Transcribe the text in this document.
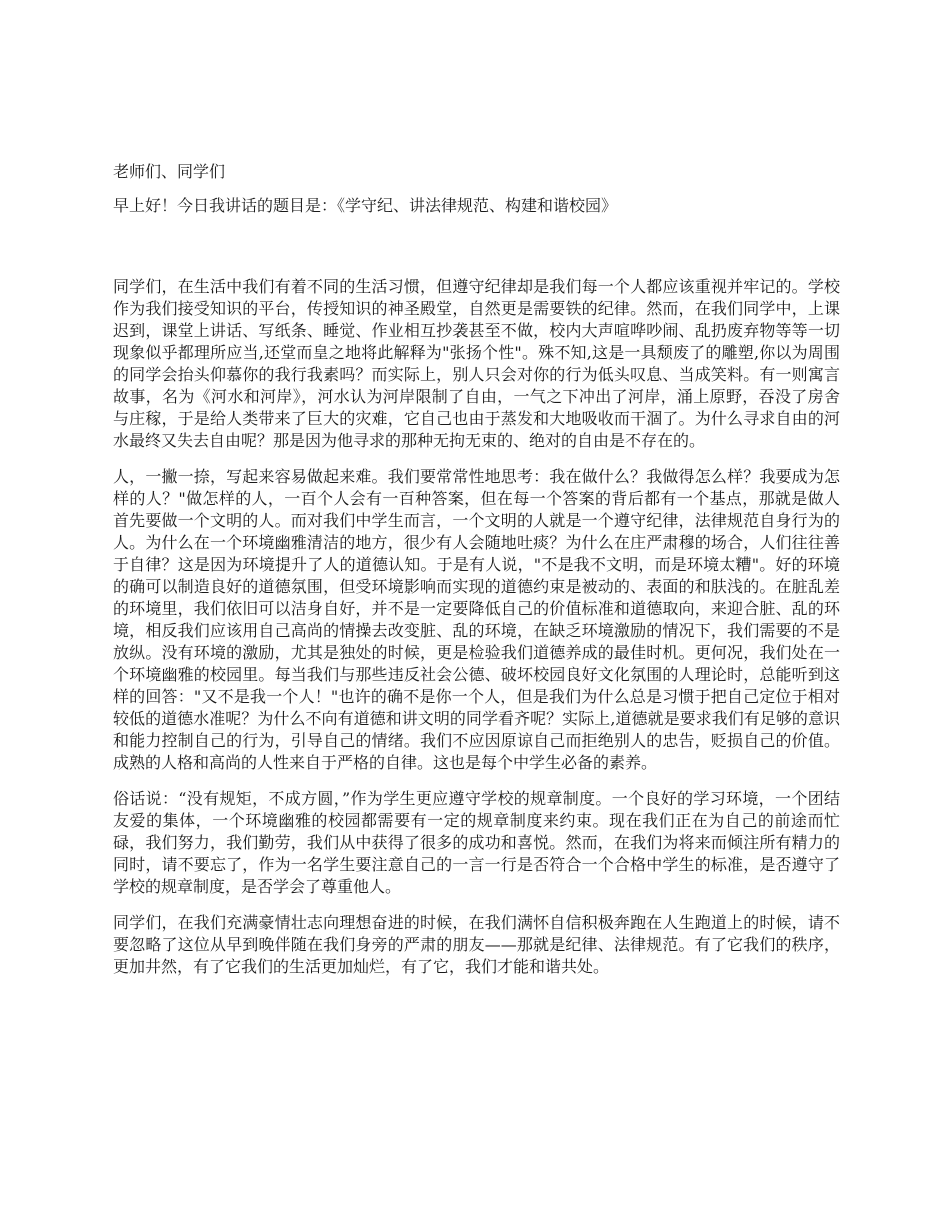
老师们、同学们

早上好！今日我讲话的题目是：《学守纪、讲法律规范、构建和谐校园》

同学们，在生活中我们有着不同的生活习惯，但遵守纪律却是我们每一个人都应该重视并牢记的。学校作为我们接受知识的平台，传授知识的神圣殿堂，自然更是需要铁的纪律。然而，在我们同学中，上课迟到，课堂上讲话、写纸条、睡觉、作业相互抄袭甚至不做，校内大声喧哗吵闹、乱扔废弃物等等一切现象似乎都理所应当,还堂而皇之地将此解释为"张扬个性"。殊不知,这是一具颓废了的雕塑,你以为周围的同学会抬头仰慕你的我行我素吗？而实际上，别人只会对你的行为低头叹息、当成笑料。有一则寓言故事，名为《河水和河岸》，河水认为河岸限制了自由，一气之下冲出了河岸，涌上原野，吞没了房舍与庄稼，于是给人类带来了巨大的灾难，它自己也由于蒸发和大地吸收而干涸了。为什么寻求自由的河水最终又失去自由呢？那是因为他寻求的那种无拘无束的、绝对的自由是不存在的。

人，一撇一捺，写起来容易做起来难。我们要常常性地思考：我在做什么？我做得怎么样？我要成为怎样的人？"做怎样的人，一百个人会有一百种答案，但在每一个答案的背后都有一个基点，那就是做人首先要做一个文明的人。而对我们中学生而言，一个文明的人就是一个遵守纪律，法律规范自身行为的人。为什么在一个环境幽雅清洁的地方，很少有人会随地吐痰？为什么在庄严肃穆的场合，人们往往善于自律？这是因为环境提升了人的道德认知。于是有人说，"不是我不文明，而是环境太糟"。好的环境的确可以制造良好的道德氛围，但受环境影响而实现的道德约束是被动的、表面的和肤浅的。在脏乱差的环境里，我们依旧可以洁身自好，并不是一定要降低自己的价值标准和道德取向，来迎合脏、乱的环境，相反我们应该用自己高尚的情操去改变脏、乱的环境，在缺乏环境激励的情况下，我们需要的不是放纵。没有环境的激励，尤其是独处的时候，更是检验我们道德养成的最佳时机。更何况，我们处在一个环境幽雅的校园里。每当我们与那些违反社会公德、破坏校园良好文化氛围的人理论时，总能听到这样的回答："又不是我一个人！"也许的确不是你一个人，但是我们为什么总是习惯于把自己定位于相对较低的道德水准呢？为什么不向有道德和讲文明的同学看齐呢？实际上,道德就是要求我们有足够的意识和能力控制自己的行为，引导自己的情绪。我们不应因原谅自己而拒绝别人的忠告，贬损自己的价值。成熟的人格和高尚的人性来自于严格的自律。这也是每个中学生必备的素养。

俗话说：“没有规矩，不成方圆，”作为学生更应遵守学校的规章制度。一个良好的学习环境，一个团结友爱的集体，一个环境幽雅的校园都需要有一定的规章制度来约束。现在我们正在为自己的前途而忙碌，我们努力，我们勤劳，我们从中获得了很多的成功和喜悦。然而，在我们为将来而倾注所有精力的同时，请不要忘了，作为一名学生要注意自己的一言一行是否符合一个合格中学生的标准，是否遵守了学校的规章制度，是否学会了尊重他人。

同学们，在我们充满豪情壮志向理想奋进的时候，在我们满怀自信积极奔跑在人生跑道上的时候，请不要忽略了这位从早到晚伴随在我们身旁的严肃的朋友——那就是纪律、法律规范。有了它我们的秩序，更加井然，有了它我们的生活更加灿烂，有了它，我们才能和谐共处。
